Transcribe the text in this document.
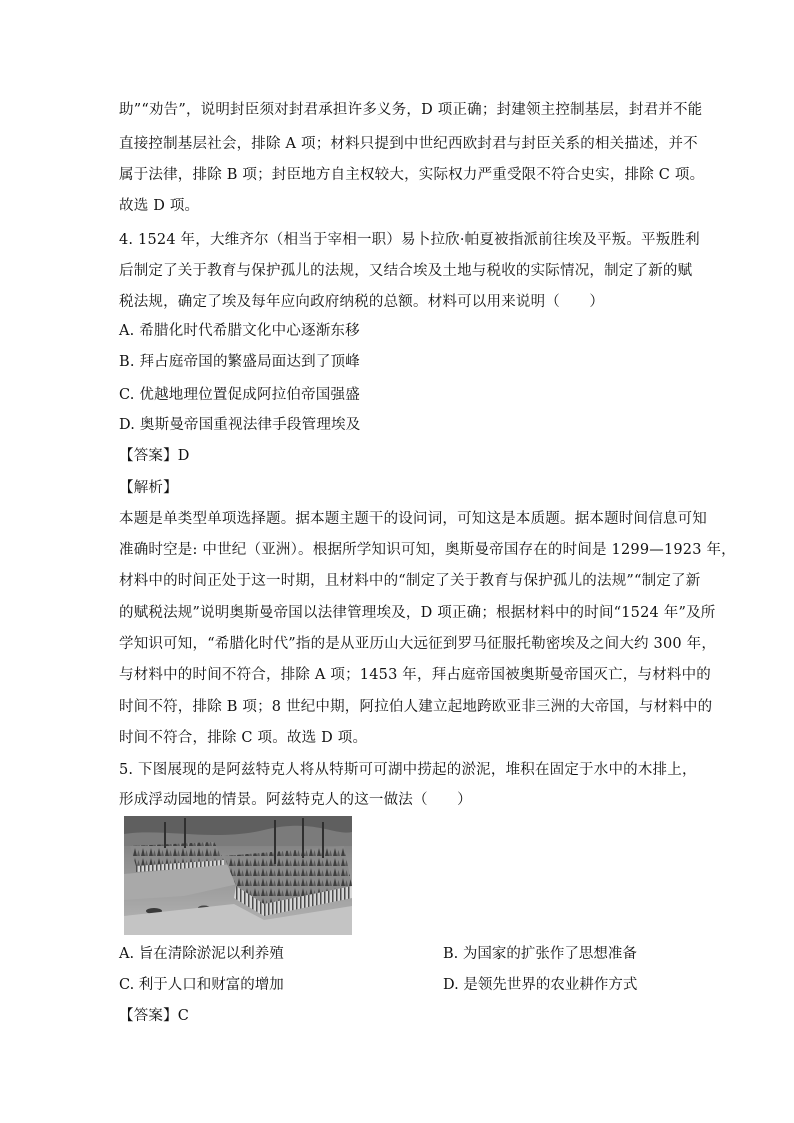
助”“劝告”，说明封臣须对封君承担许多义务，D 项正确；封建领主控制基层，封君并不能
直接控制基层社会，排除 A 项；材料只提到中世纪西欧封君与封臣关系的相关描述，并不
属于法律，排除 B 项；封臣地方自主权较大，实际权力严重受限不符合史实，排除 C 项。
故选 D 项。
4. 1524 年，大维齐尔（相当于宰相一职）易卜拉欣·帕夏被指派前往埃及平叛。平叛胜利
后制定了关于教育与保护孤儿的法规，又结合埃及土地与税收的实际情况，制定了新的赋
税法规，确定了埃及每年应向政府纳税的总额。材料可以用来说明（　　）
A. 希腊化时代希腊文化中心逐渐东移
B. 拜占庭帝国的繁盛局面达到了顶峰
C. 优越地理位置促成阿拉伯帝国强盛
D. 奥斯曼帝国重视法律手段管理埃及
【答案】D
【解析】
本题是单类型单项选择题。据本题主题干的设问词，可知这是本质题。据本题时间信息可知
准确时空是: 中世纪（亚洲）。根据所学知识可知，奥斯曼帝国存在的时间是 1299—1923 年，
材料中的时间正处于这一时期，且材料中的“制定了关于教育与保护孤儿的法规”“制定了新
的赋税法规”说明奥斯曼帝国以法律管理埃及，D 项正确；根据材料中的时间“1524 年”及所
学知识可知，“希腊化时代”指的是从亚历山大远征到罗马征服托勒密埃及之间大约 300 年，
与材料中的时间不符合，排除 A 项；1453 年，拜占庭帝国被奥斯曼帝国灭亡，与材料中的
时间不符，排除 B 项；8 世纪中期，阿拉伯人建立起地跨欧亚非三洲的大帝国，与材料中的
时间不符合，排除 C 项。故选 D 项。
5. 下图展现的是阿兹特克人将从特斯可可湖中捞起的淤泥，堆积在固定于水中的木排上，
形成浮动园地的情景。阿兹特克人的这一做法（　　）
A. 旨在清除淤泥以利养殖	B. 为国家的扩张作了思想准备
C. 利于人口和财富的增加	D. 是领先世界的农业耕作方式
【答案】C
